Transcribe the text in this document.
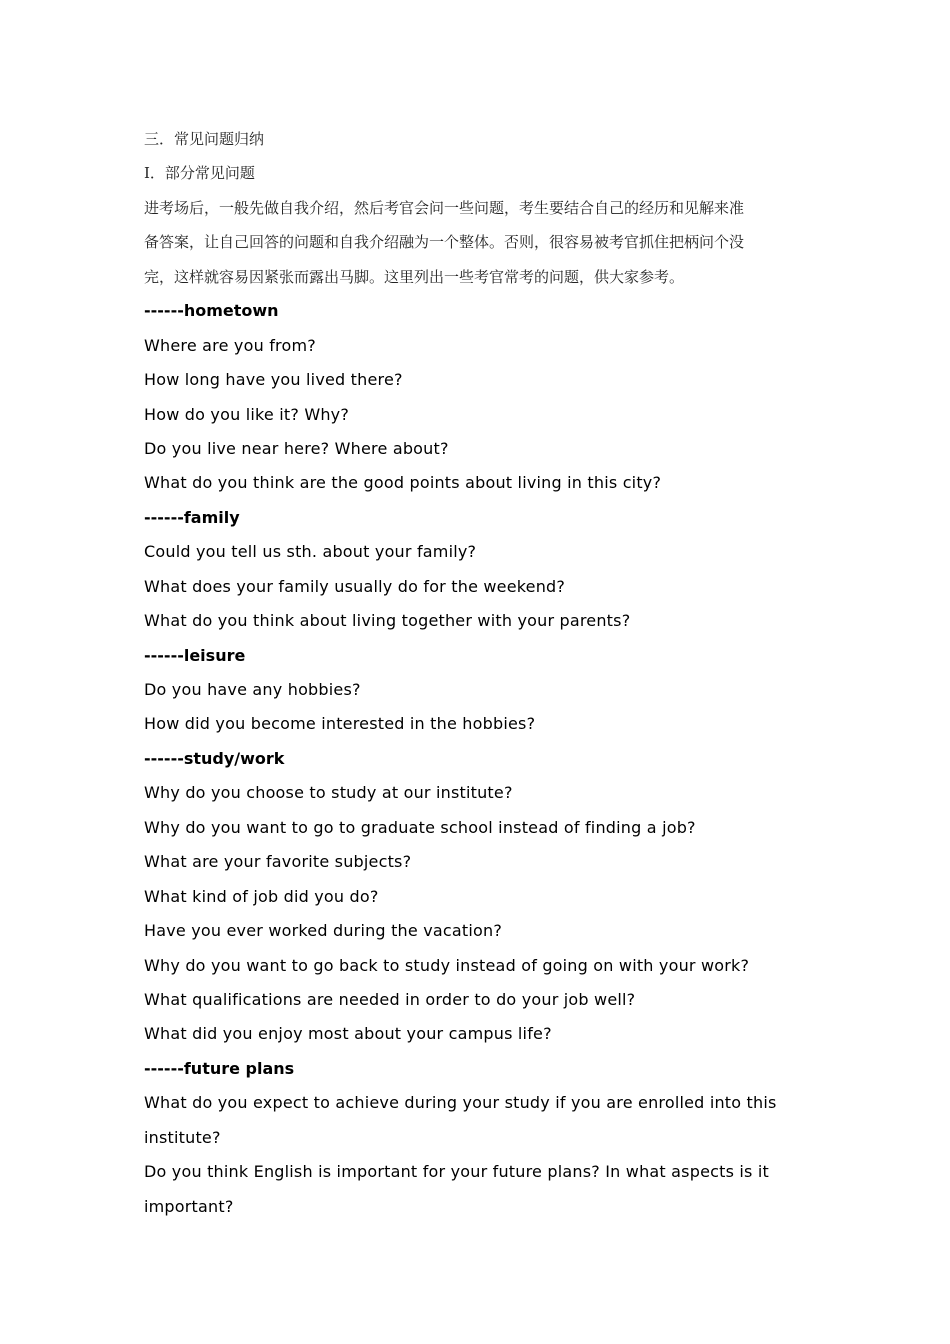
三．常见问题归纳
Ⅰ．部分常见问题
进考场后，一般先做自我介绍，然后考官会问一些问题，考生要结合自己的经历和见解来准
备答案，让自己回答的问题和自我介绍融为一个整体。否则，很容易被考官抓住把柄问个没
完，这样就容易因紧张而露出马脚。这里列出一些考官常考的问题，供大家参考。
------hometown
Where are you from?
How long have you lived there?
How do you like it? Why?
Do you live near here? Where about?
What do you think are the good points about living in this city?
------family
Could you tell us sth. about your family?
What does your family usually do for the weekend?
What do you think about living together with your parents?
------leisure
Do you have any hobbies?
How did you become interested in the hobbies?
------study/work
Why do you choose to study at our institute?
Why do you want to go to graduate school instead of finding a job?
What are your favorite subjects?
What kind of job did you do?
Have you ever worked during the vacation?
Why do you want to go back to study instead of going on with your work?
What qualifications are needed in order to do your job well?
What did you enjoy most about your campus life?
------future plans
What do you expect to achieve during your study if you are enrolled into this
institute?
Do you think English is important for your future plans? In what aspects is it
important?
